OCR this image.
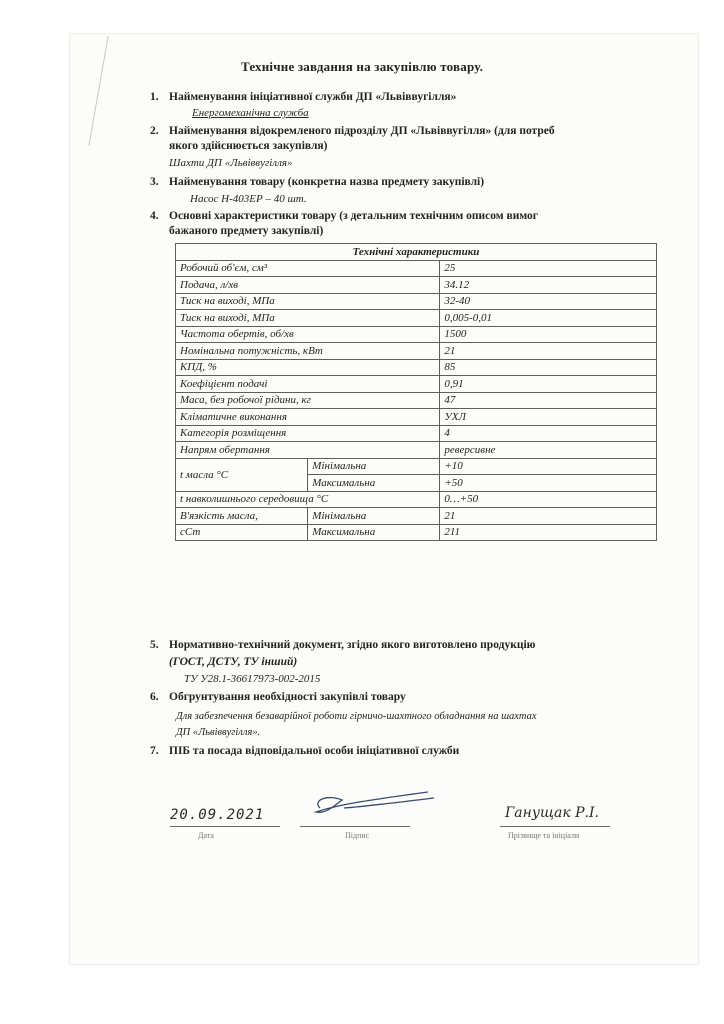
Технічне завдання на закупівлю товару.
1. Найменування ініціативної служби ДП «Львіввугілля»
Енергомеханічна служба
2. Найменування відокремленого підрозділу ДП «Львіввугілля» (для потреб
якого здійснюється закупівля)
Шахти ДП «Львіввугілля»
3. Найменування товару (конкретна назва предмету закупівлі)
Насос Н-403ЕР – 40 шт.
4. Основні характеристики товару (з детальним технічним описом вимог
бажаного предмету закупівлі)
Технічні характеристики		
Робочий об'єм, см³		25
Подача, л/хв		34.12
Тиск на виході, МПа		32-40
Тиск на виході, МПа		0,005-0,01
Частота обертів, об/хв		1500
Номінальна потужність, кВт		21
КПД, %		85
Коефіцієнт подачі		0,91
Маса, без робочої рідини, кг		47
Кліматичне виконання		УХЛ
Категорія розміщення		4
Напрям обертання		реверсивне
t масла °С	Мінімальна	+10
	Максимальна	+50
t навколишнього середовища °С		0…+50
В'язкість масла,	Мінімальна	21
сСт	Максимальна	211
5. Нормативно-технічний документ, згідно якого виготовлено продукцію
(ГОСТ, ДСТУ, ТУ інший)
ТУ У28.1-36617973-002-2015
6. Обгрунтування необхідності закупівлі товару
Для забезпечення безаварійної роботи гірничо-шахтного обладнання на шахтах
ДП «Львіввугілля».
7. ПІБ та посада відповідальної особи ініціативної служби
20.09.2021
Дата	Підпис
Ганущак Р.І.
Прізвище та ініціали
